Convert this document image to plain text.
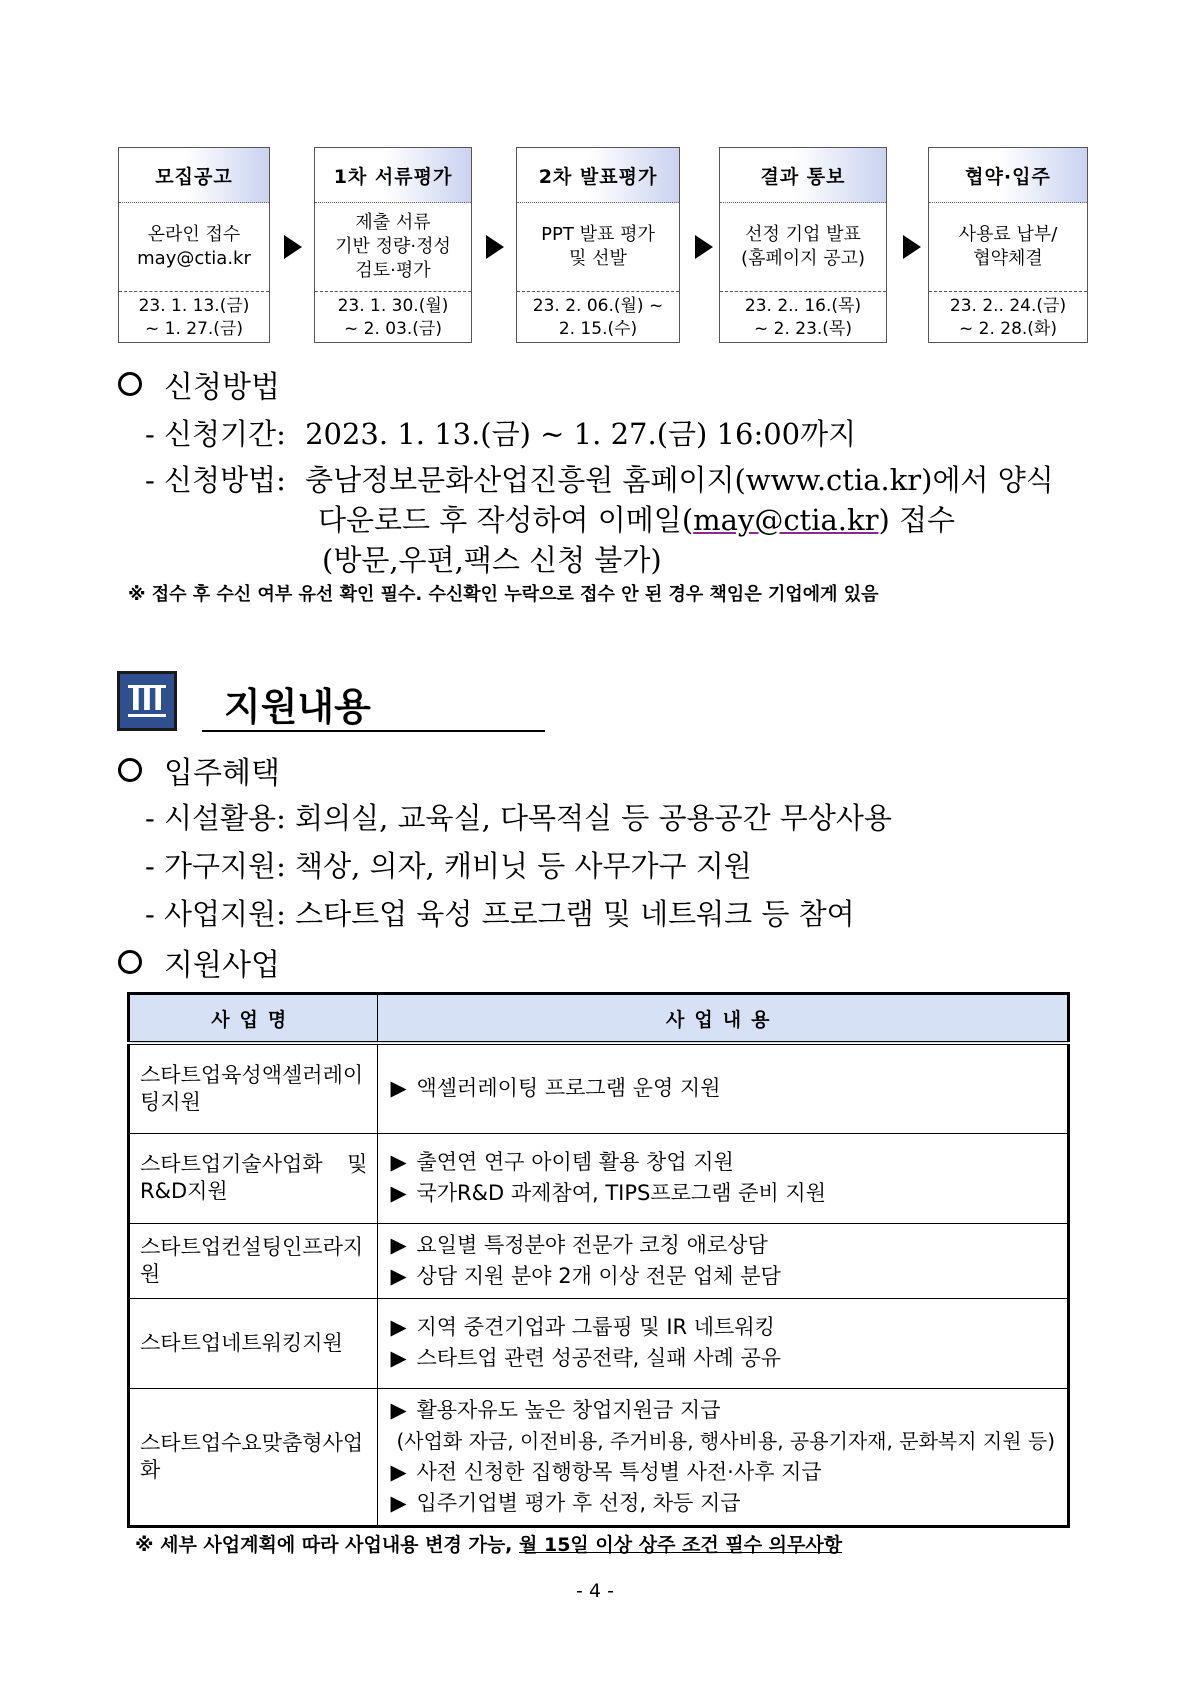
모집공고
온라인 접수
may@ctia.kr
23. 1. 13.(금)
~ 1. 27.(금)
1차 서류평가
제출 서류
기반 정량·정성
검토·평가
23. 1. 30.(월)
~ 2. 03.(금)
2차 발표평가
PPT 발표 평가
및 선발
23. 2. 06.(월) ~
2. 15.(수)
결과 통보
선정 기업 발표
(홈페이지 공고)
23. 2.. 16.(목)
~ 2. 23.(목)
협약·입주
사용료 납부/
협약체결
23. 2.. 24.(금)
~ 2. 28.(화)
신청방법
- 신청기간: 2023. 1. 13.(금) ~ 1. 27.(금) 16:00까지
- 신청방법: 충남정보문화산업진흥원 홈페이지(www.ctia.kr)에서 양식
다운로드 후 작성하여 이메일(may@ctia.kr) 접수
(방문,우편,팩스 신청 불가)
※ 접수 후 수신 여부 유선 확인 필수. 수신확인 누락으로 접수 안 된 경우 책임은 기업에게 있음
III	지원내용
입주혜택
- 시설활용: 회의실, 교육실, 다목적실 등 공용공간 무상사용
- 가구지원: 책상, 의자, 캐비닛 등 사무가구 지원
- 사업지원: 스타트업 육성 프로그램 및 네트워크 등 참여
지원사업
사업명	사업내용
스타트업육성액셀러레이팅지원	▶ 액셀러레이팅 프로그램 운영 지원

스타트업기술사업화 및 R&D지원	▶ 출연연 연구 아이템 활용 창업 지원
▶ 국가R&D 과제참여, TIPS프로그램 준비 지원

스타트업컨설팅인프라지원	▶ 요일별 특정분야 전문가 코칭 애로상담
▶ 상담 지원 분야 2개 이상 전문 업체 분담

스타트업네트워킹지원	▶ 지역 중견기업과 그룹핑 및 IR 네트워킹
▶ 스타트업 관련 성공전략, 실패 사례 공유

스타트업수요맞춤형사업화	▶ 활용자유도 높은 창업지원금 지급
(사업화 자금, 이전비용, 주거비용, 행사비용, 공용기자재, 문화복지 지원 등)
▶ 사전 신청한 집행항목 특성별 사전·사후 지급
▶ 입주기업별 평가 후 선정, 차등 지급
※ 세부 사업계획에 따라 사업내용 변경 가능, 월 15일 이상 상주 조건 필수 의무사항
- 4 -
